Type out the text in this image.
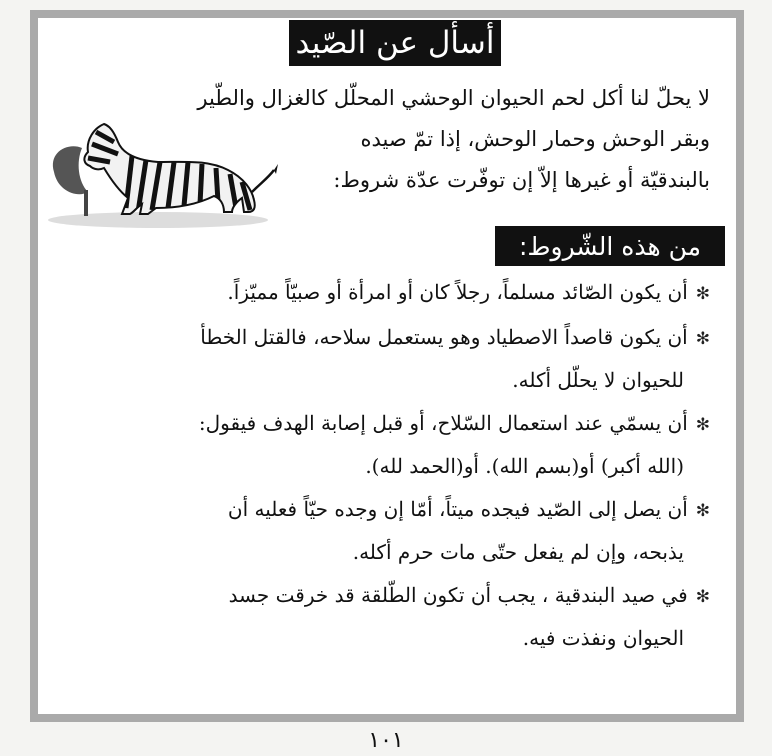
أسأل عن الصّيد
لا يحلّ لنا أكل لحم الحيوان الوحشي المحلّل كالغزال والطّير
وبقر الوحش وحمار الوحش، إذا تمّ صيده
بالبندقيّة أو غيرها إلاّ إن توفّرت عدّة شروط:
من هذه الشّروط:
✻أن يكون الصّائد مسلماً، رجلاً كان أو امرأة أو صبيّاً مميّزاً.
✻أن يكون قاصداً الاصطياد وهو يستعمل سلاحه، فالقتل الخطأ
للحيوان لا يحلّل أكله.
✻أن يسمّي عند استعمال السّلاح، أو قبل إصابة الهدف فيقول:
(الله أكبر) أو(بسم الله). أو(الحمد لله).
✻أن يصل إلى الصّيد فيجده ميتاً، أمّا إن وجده حيّاً فعليه أن
يذبحه، وإن لم يفعل حتّى مات حرم أكله.
✻في صيد البندقية ، يجب أن تكون الطّلقة قد خرقت جسد
الحيوان ونفذت فيه.
١٠١
